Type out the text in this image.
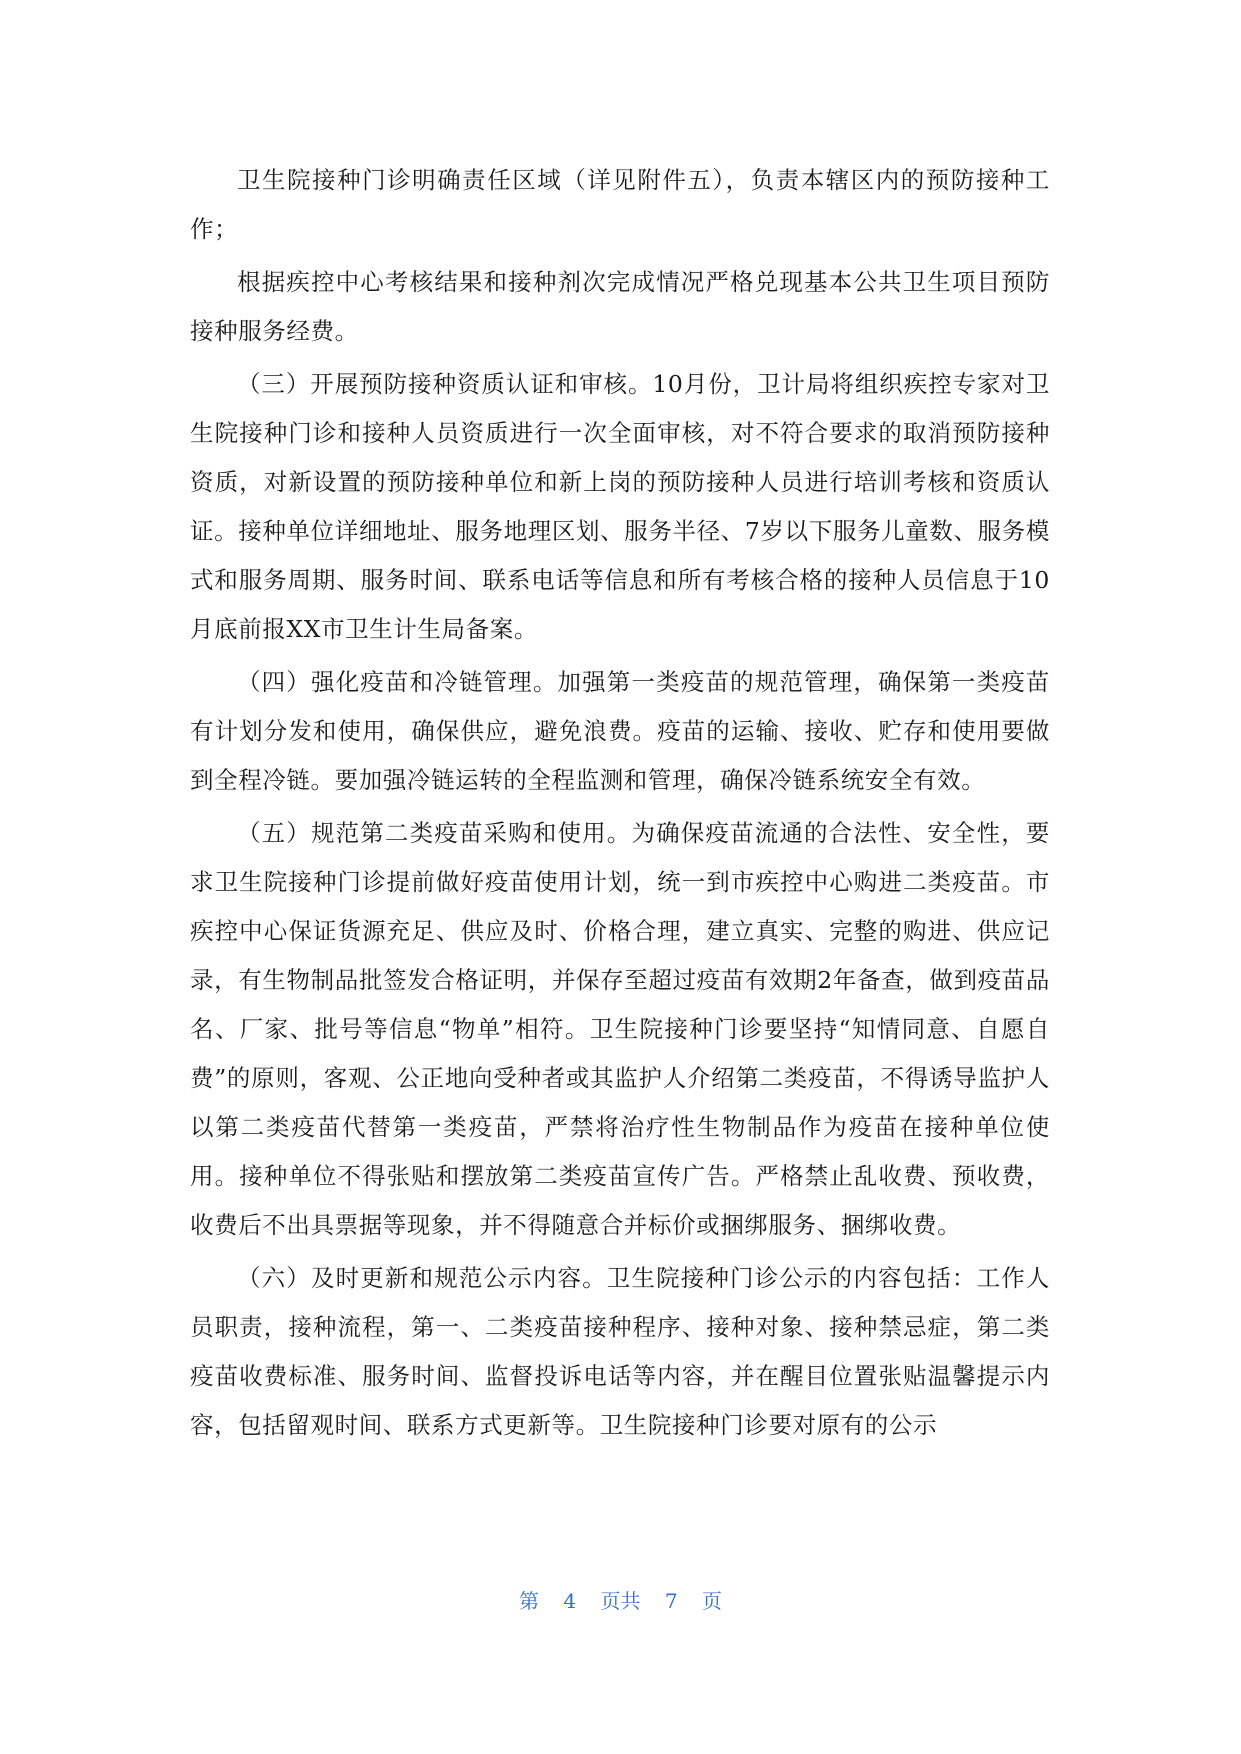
卫生院接种门诊明确责任区域（详见附件五），负责本辖区内的预防接种工作；

根据疾控中心考核结果和接种剂次完成情况严格兑现基本公共卫生项目预防接种服务经费。

（三）开展预防接种资质认证和审核。10月份，卫计局将组织疾控专家对卫生院接种门诊和接种人员资质进行一次全面审核，对不符合要求的取消预防接种资质，对新设置的预防接种单位和新上岗的预防接种人员进行培训考核和资质认证。接种单位详细地址、服务地理区划、服务半径、7岁以下服务儿童数、服务模式和服务周期、服务时间、联系电话等信息和所有考核合格的接种人员信息于10月底前报XX市卫生计生局备案。

（四）强化疫苗和冷链管理。加强第一类疫苗的规范管理，确保第一类疫苗有计划分发和使用，确保供应，避免浪费。疫苗的运输、接收、贮存和使用要做到全程冷链。要加强冷链运转的全程监测和管理，确保冷链系统安全有效。

（五）规范第二类疫苗采购和使用。为确保疫苗流通的合法性、安全性，要求卫生院接种门诊提前做好疫苗使用计划，统一到市疾控中心购进二类疫苗。市疾控中心保证货源充足、供应及时、价格合理，建立真实、完整的购进、供应记录，有生物制品批签发合格证明，并保存至超过疫苗有效期2年备查，做到疫苗品名、厂家、批号等信息“物单”相符。卫生院接种门诊要坚持“知情同意、自愿自费”的原则，客观、公正地向受种者或其监护人介绍第二类疫苗，不得诱导监护人以第二类疫苗代替第一类疫苗，严禁将治疗性生物制品作为疫苗在接种单位使用。接种单位不得张贴和摆放第二类疫苗宣传广告。严格禁止乱收费、预收费，收费后不出具票据等现象，并不得随意合并标价或捆绑服务、捆绑收费。

（六）及时更新和规范公示内容。卫生院接种门诊公示的内容包括：工作人员职责，接种流程，第一、二类疫苗接种程序、接种对象、接种禁忌症，第二类疫苗收费标准、服务时间、监督投诉电话等内容，并在醒目位置张贴温馨提示内容，包括留观时间、联系方式更新等。卫生院接种门诊要对原有的公示

第 4 页共 7 页
